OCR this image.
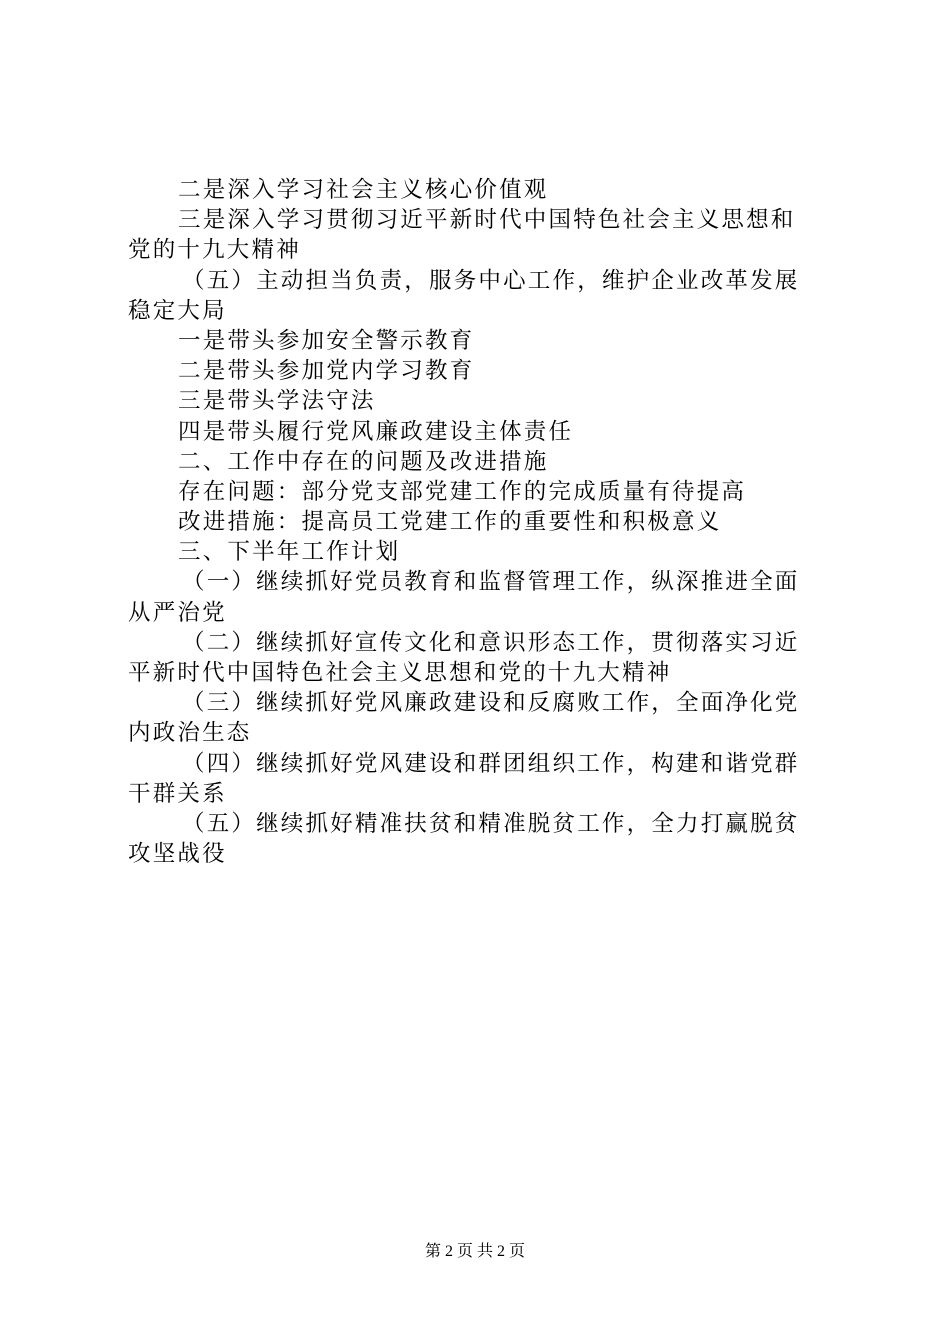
二是深入学习社会主义核心价值观
三是深入学习贯彻习近平新时代中国特色社会主义思想和
党的十九大精神
（五）主动担当负责，服务中心工作，维护企业改革发展
稳定大局
一是带头参加安全警示教育
二是带头参加党内学习教育
三是带头学法守法
四是带头履行党风廉政建设主体责任
二、工作中存在的问题及改进措施
存在问题：部分党支部党建工作的完成质量有待提高
改进措施：提高员工党建工作的重要性和积极意义
三、下半年工作计划
（一）继续抓好党员教育和监督管理工作，纵深推进全面
从严治党
（二）继续抓好宣传文化和意识形态工作，贯彻落实习近
平新时代中国特色社会主义思想和党的十九大精神
（三）继续抓好党风廉政建设和反腐败工作，全面净化党
内政治生态
（四）继续抓好党风建设和群团组织工作，构建和谐党群
干群关系
（五）继续抓好精准扶贫和精准脱贫工作，全力打赢脱贫
攻坚战役
第 2 页 共 2 页
